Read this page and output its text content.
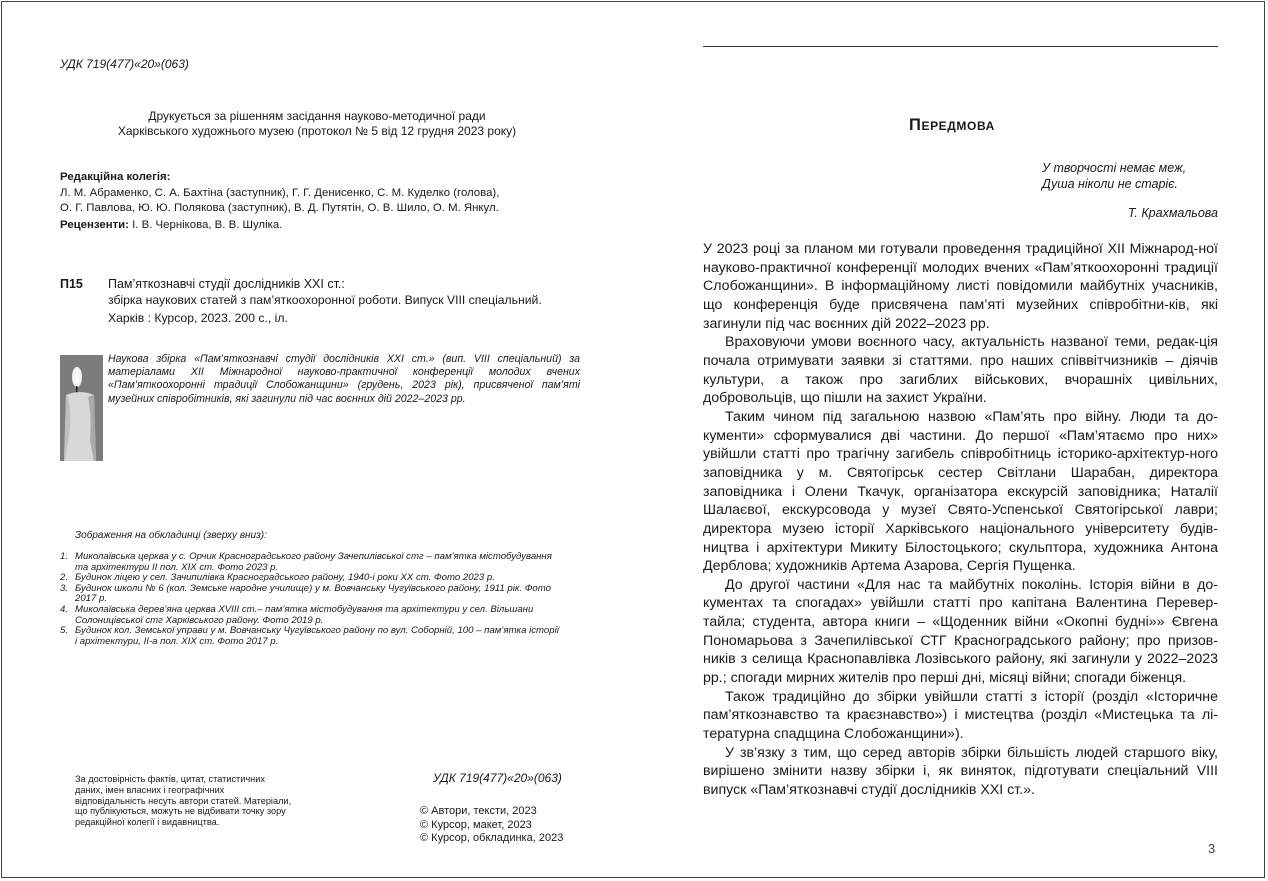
УДК 719(477)«20»(063)
Друкується за рішенням засідання науково-методичної ради
Харківського художнього музею (протокол № 5 від 12 грудня 2023 року)
Редакційна колегія:
Л. М. Абраменко, С. А. Бахтіна (заступник), Г. Г. Денисенко, С. М. Куделко (голова),
О. Г. Павлова, Ю. Ю. Полякова (заступник), В. Д. Путятін, О. В. Шило, О. М. Янкул.
Рецензенти: І. В. Чернікова, В. В. Шуліка.
П15 Пам’яткознавчі студії дослідників ХХІ ст.:
збірка наукових статей з пам’яткоохоронної роботи. Випуск VIII спеціальний.
Харків : Курсор, 2023. 200 с., іл.
Наукова збірка «Пам’яткознавчі студії дослідників ХХІ ст.» (вип. VIII спеціальний) за матеріалами ХІІ Міжнародної науково-практичної конференції молодих вчених «Пам’яткоохоронні традиції Слобожанщини» (грудень, 2023 рік), присвяченої пам’яті музейних співробітників, які загинули під час воєнних дій 2022–2023 рр.
Зображення на обкладинці (зверху вниз):
1. Миколаївська церква у с. Орчик Красноградського району Зачепилівської стг – пам’ятка містобудування та архітектури ІІ пол. ХІХ ст. Фото 2023 р.
2. Будинок ліцею у сел. Зачипилівка Красноградського району, 1940-і роки ХХ ст. Фото 2023 р.
3. Будинок школи № 6 (кол. Земське народне училище) у м. Вовчанську Чугуївського району, 1911 рік. Фото 2017 р.
4. Миколаївська дерев’яна церква XVIII ст.– пам’ятка містобудування та архітектури у сел. Вільшани Солоницівської стг Харківського району. Фото 2019 р.
5. Будинок кол. Земської управи у м. Вовчанську Чугуївського району по вул. Соборній, 100 – пам’ятка історії і архітектури, ІІ-а пол. ХІХ ст. Фото 2017 р.
За достовірність фактів, цитат, статистичних даних, імен власних і географічних відповідальність несуть автори статей. Матеріали, що публікуються, можуть не відбивати точку зору редакційної колегії і видавництва.
УДК 719(477)«20»(063)
© Автори, тексти, 2023
© Курсор, макет, 2023
© Курсор, обкладинка, 2023
Передмова
У творчості немає меж,
Душа ніколи не старіє.
Т. Крахмальова

У 2023 році за планом ми готували проведення традиційної XII Міжнарод-ної науково-практичної конференції молодих вчених «Пам’яткоохоронні традиції Слобожанщини». В інформаційному листі повідомили майбутніх учасників, що конференція буде присвячена пам’яті музейних співробітни-ків, які загинули під час воєнних дій 2022–2023 рр.

Враховуючи умови воєнного часу, актуальність названої теми, редак-ція почала отримувати заявки зі статтями. про наших співвітчизників – діячів культури, а також про загиблих військових, вчорашніх цивільних, добровольців, що пішли на захист України.

Таким чином під загальною назвою «Пам’ять про війну. Люди та до-кументи» сформувалися дві частини. До першої «Пам’ятаємо про них» увійшли статті про трагічну загибель співробітниць історико-архітектур-ного заповідника у м. Святогірськ сестер Світлани Шарабан, директора заповідника і Олени Ткачук, організатора екскурсій заповідника; Наталії Шалаєвої, екскурсовода у музеї Свято-Успенської Святогірської лаври; директора музею історії Харківського національного університету будів-ництва і архітектури Микиту Білостоцького; скульптора, художника Антона Дерблова; художників Артема Азарова, Сергія Пущенка.

До другої частини «Для нас та майбутніх поколінь. Історія війни в до-кументах та спогадах» увійшли статті про капітана Валентина Перевер-тайла; студента, автора книги – «Щоденник війни «Окопні будні»» Євгена Пономарьова з Зачепилівської СТГ Красноградського району; про призов-ників з селища Краснопавлівка Лозівського району, які загинули у 2022–2023 рр.; спогади мирних жителів про перші дні, місяці війни; спогади біженця.

Також традиційно до збірки увійшли статті з історії (розділ «Історичне пам’яткознавство та краєзнавство») і мистецтва (розділ «Мистецька та лі-тературна спадщина Слобожанщини»).

У зв’язку з тим, що серед авторів збірки більшість людей старшого віку, вирішено змінити назву збірки і, як виняток, підготувати спеціальний VIII випуск «Пам’яткознавчі студії дослідників ХХІ ст.».

3
